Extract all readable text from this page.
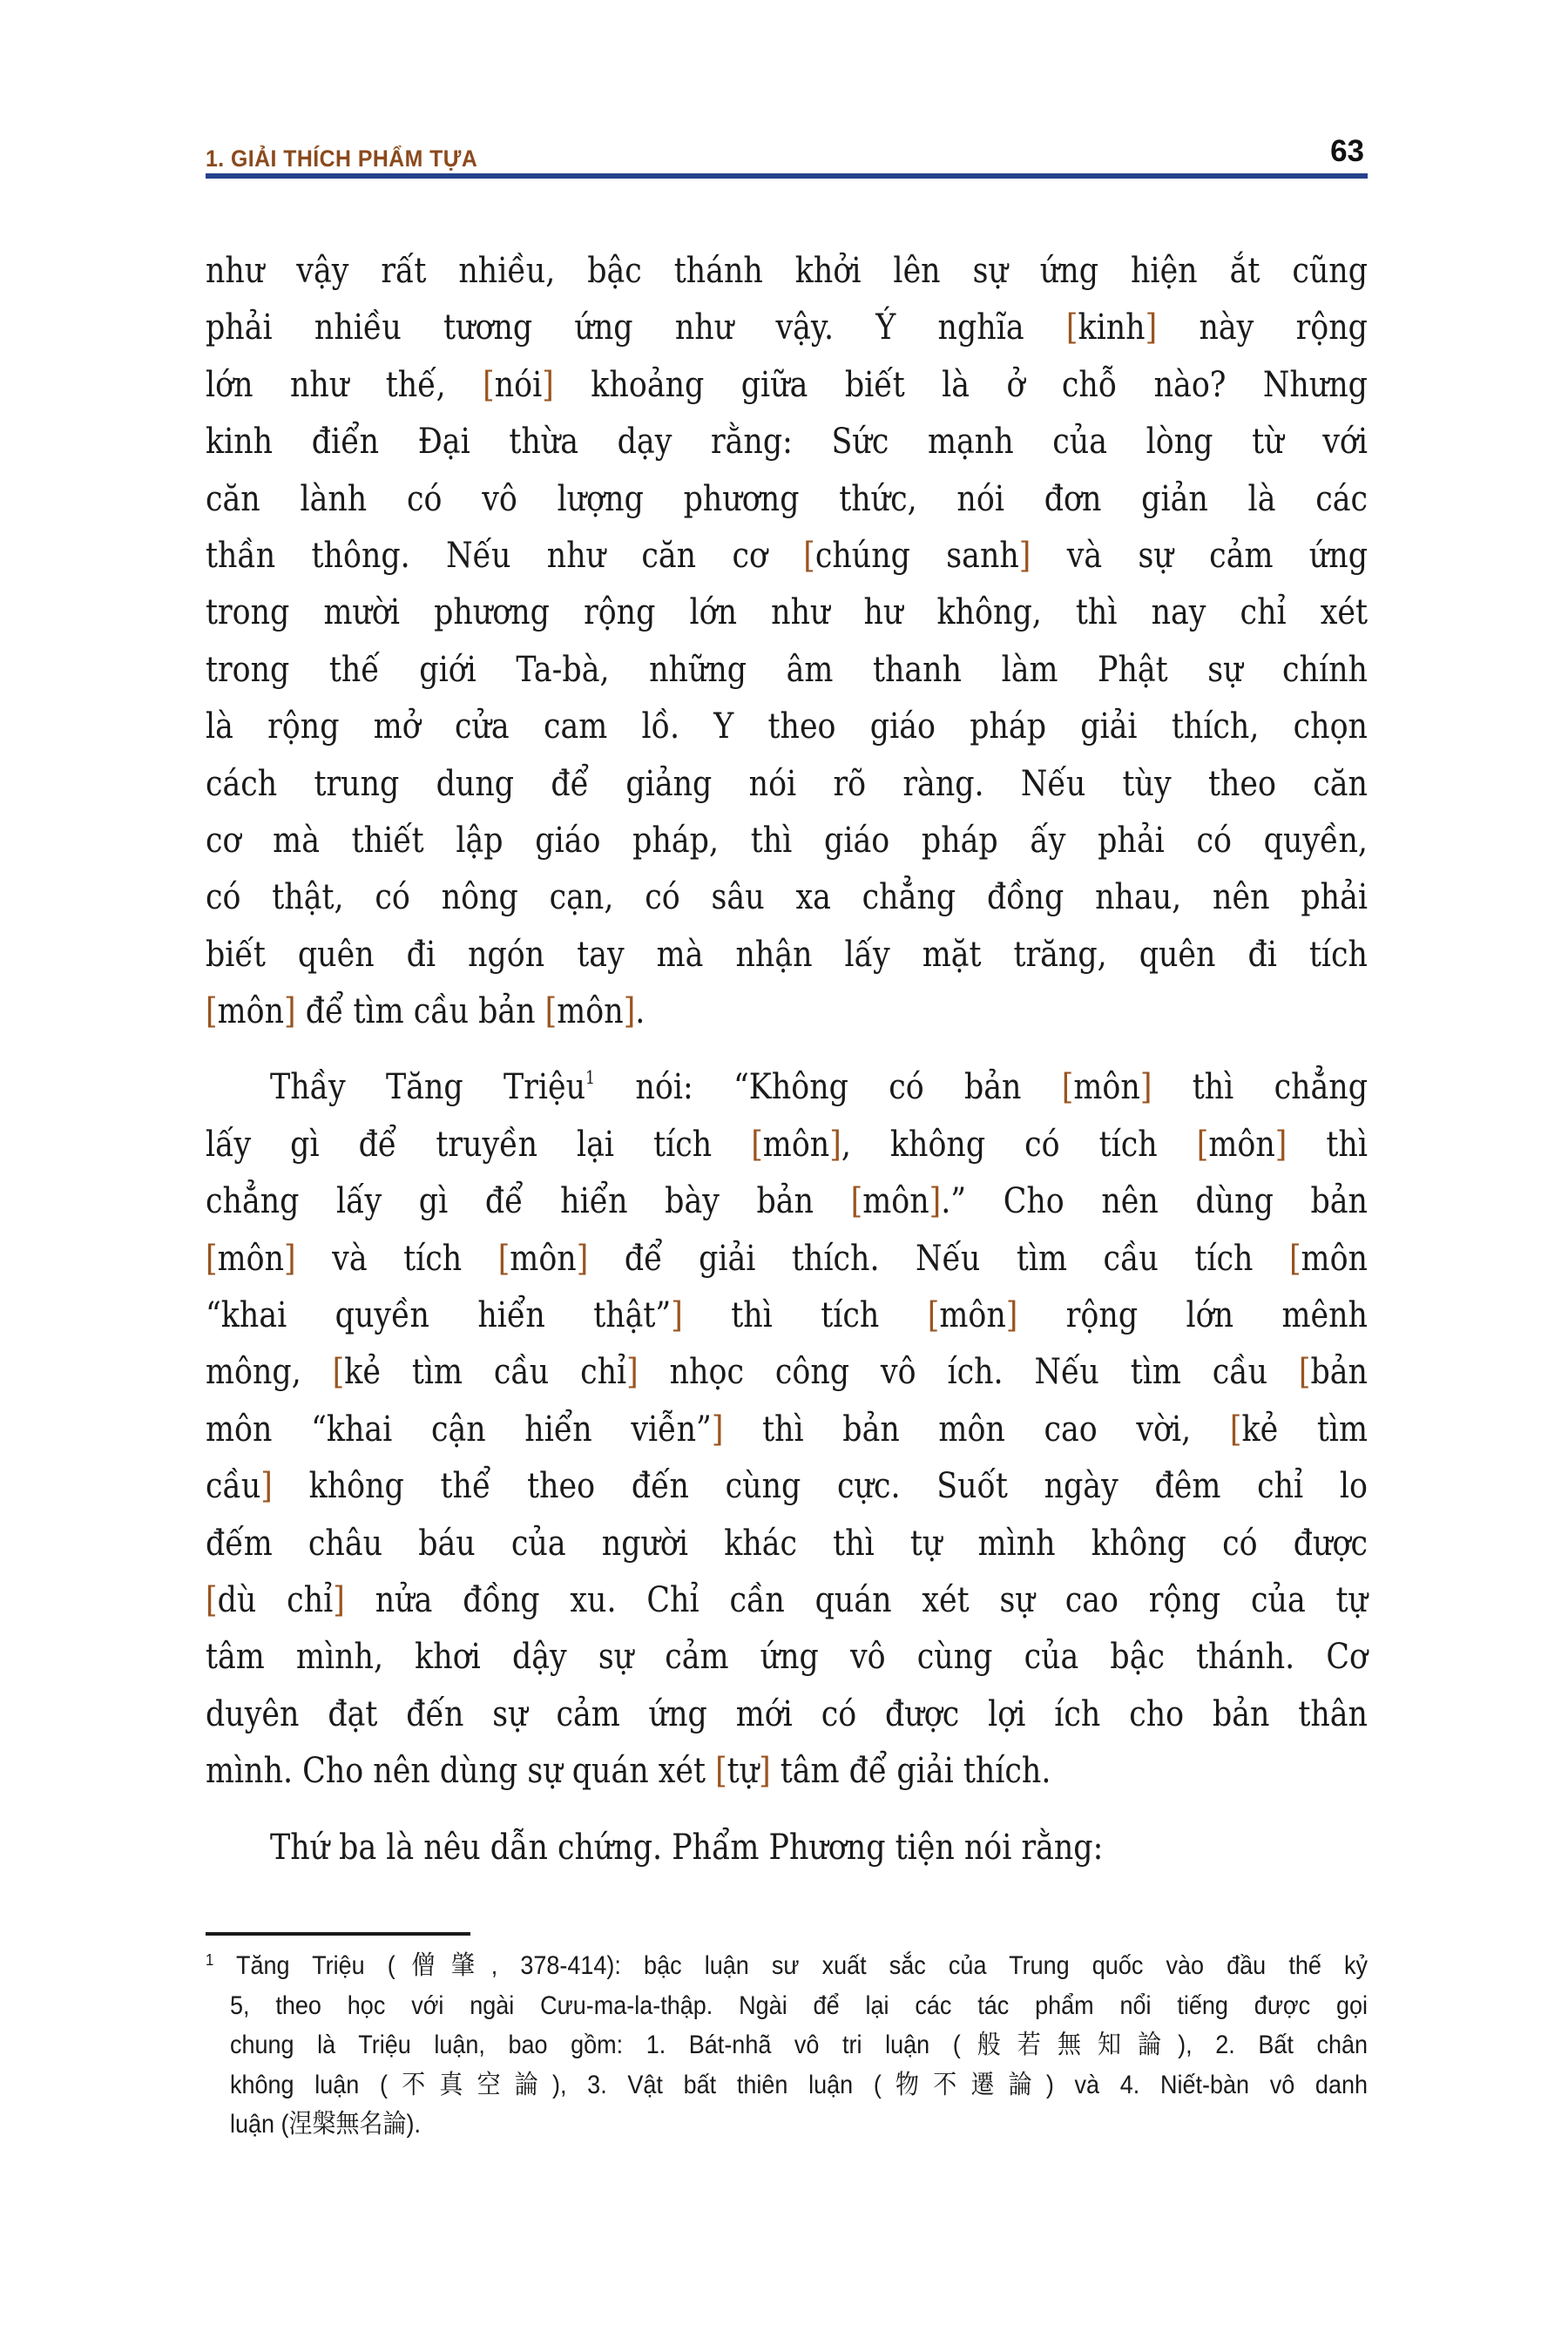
1. GIẢI THÍCH PHẨM TỰA	63
như vậy rất nhiều, bậc thánh khởi lên sự ứng hiện ắt cũng
phải nhiều tương ứng như vậy. Ý nghĩa [kinh] này rộng
lớn như thế, [nói] khoảng giữa biết là ở chỗ nào? Nhưng
kinh điển Đại thừa dạy rằng: Sức mạnh của lòng từ với
căn lành có vô lượng phương thức, nói đơn giản là các
thần thông. Nếu như căn cơ [chúng sanh] và sự cảm ứng
trong mười phương rộng lớn như hư không, thì nay chỉ xét
trong thế giới Ta-bà, những âm thanh làm Phật sự chính
là rộng mở cửa cam lồ. Y theo giáo pháp giải thích, chọn
cách trung dung để giảng nói rõ ràng. Nếu tùy theo căn
cơ mà thiết lập giáo pháp, thì giáo pháp ấy phải có quyền,
có thật, có nông cạn, có sâu xa chẳng đồng nhau, nên phải
biết quên đi ngón tay mà nhận lấy mặt trăng, quên đi tích
[môn] để tìm cầu bản [môn].
Thầy Tăng Triệu$^1$ nói: “Không có bản [môn] thì chẳng
lấy gì để truyền lại tích [môn], không có tích [môn] thì
chẳng lấy gì để hiển bày bản [môn].” Cho nên dùng bản
[môn] và tích [môn] để giải thích. Nếu tìm cầu tích [môn
“khai quyền hiển thật”] thì tích [môn] rộng lớn mênh
mông, [kẻ tìm cầu chỉ] nhọc công vô ích. Nếu tìm cầu [bản
môn “khai cận hiển viễn”] thì bản môn cao vời, [kẻ tìm
cầu] không thể theo đến cùng cực. Suốt ngày đêm chỉ lo
đếm châu báu của người khác thì tự mình không có được
[dù chỉ] nửa đồng xu. Chỉ cần quán xét sự cao rộng của tự
tâm mình, khơi dậy sự cảm ứng vô cùng của bậc thánh. Cơ
duyên đạt đến sự cảm ứng mới có được lợi ích cho bản thân
mình. Cho nên dùng sự quán xét [tự] tâm để giải thích.
Thứ ba là nêu dẫn chứng. Phẩm Phương tiện nói rằng:
$^1$ Tăng Triệu (僧肇, 378-414): bậc luận sư xuất sắc của Trung quốc vào đầu thế kỷ
5, theo học với ngài Cưu-ma-la-thập. Ngài để lại các tác phẩm nổi tiếng được gọi
chung là Triệu luận, bao gồm: 1. Bát-nhã vô tri luận (般若無知論), 2. Bất chân
không luận (不真空論), 3. Vật bất thiên luận (物不遷論) và 4. Niết-bàn vô danh
luận (涅槃無名論).
